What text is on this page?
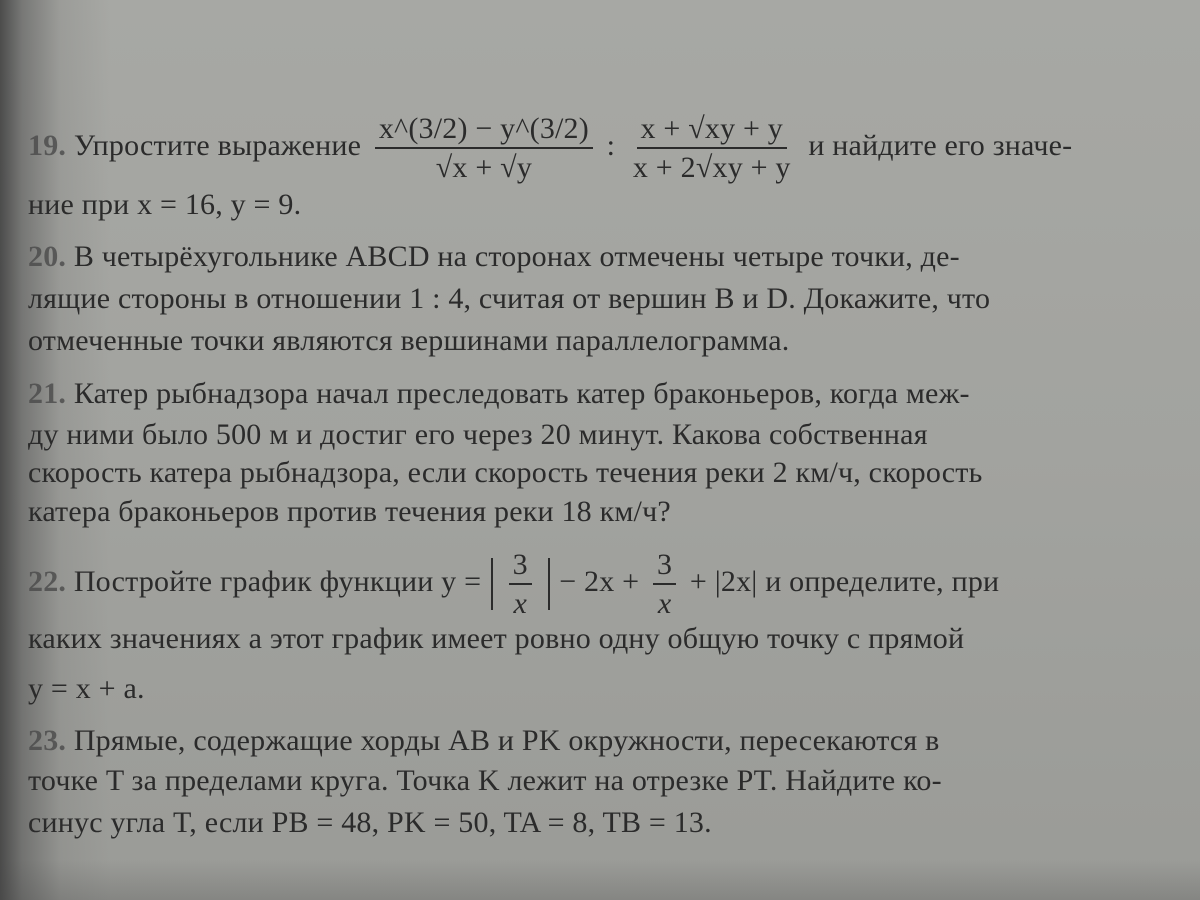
19. Упростите выражение $\frac{x\^{}(3/2) - y\^{}(3/2)}{√x + √y}$ : $\frac{x + √xy + y}{x + 2√xy + y}$ и найдите его значе-
ние при x = 16, y = 9.
20. В четырёхугольнике ABCD на сторонах отмечены четыре точки, де-
лящие стороны в отношении 1 : 4, считая от вершин B и D. Докажите, что
отмеченные точки являются вершинами параллелограмма.
21. Катер рыбнадзора начал преследовать катер браконьеров, когда меж-
ду ними было 500 м и достиг его через 20 минут. Какова собственная
скорость катера рыбнадзора, если скорость течения реки 2 км/ч, скорость
катера браконьеров против течения реки 18 км/ч?
22. Постройте график функции $y = \frac{3}{x} - 2x + \frac{3}{x} + |2x|$ и определите, при
каких значениях a этот график имеет ровно одну общую точку с прямой
y = x + a.
23. Прямые, содержащие хорды AB и PK окружности, пересекаются в
точке T за пределами круга. Точка K лежит на отрезке PT. Найдите ко-
синус угла T, если PB = 48, PK = 50, TA = 8, TB = 13.
